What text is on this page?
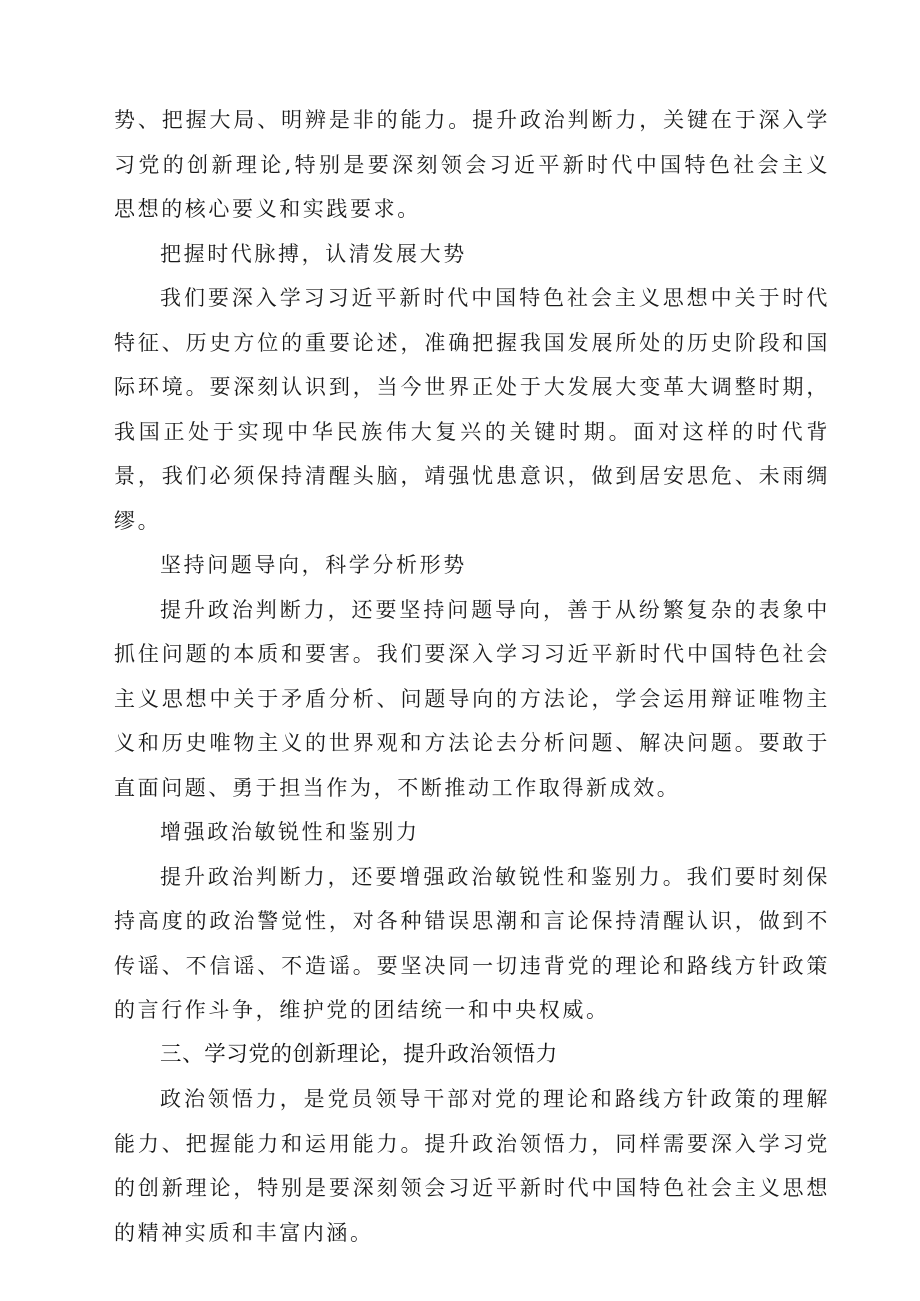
势、把握大局、明辨是非的能力。提升政治判断力，关键在于深入学习党的创新理论,特别是要深刻领会习近平新时代中国特色社会主义思想的核心要义和实践要求。

把握时代脉搏，认清发展大势

我们要深入学习习近平新时代中国特色社会主义思想中关于时代特征、历史方位的重要论述，准确把握我国发展所处的历史阶段和国际环境。要深刻认识到，当今世界正处于大发展大变革大调整时期，我国正处于实现中华民族伟大复兴的关键时期。面对这样的时代背景，我们必须保持清醒头脑，靖强忧患意识，做到居安思危、未雨绸缪。

坚持问题导向，科学分析形势

提升政治判断力，还要坚持问题导向，善于从纷繁复杂的表象中抓住问题的本质和要害。我们要深入学习习近平新时代中国特色社会主义思想中关于矛盾分析、问题导向的方法论，学会运用辩证唯物主义和历史唯物主义的世界观和方法论去分析问题、解决问题。要敢于直面问题、勇于担当作为，不断推动工作取得新成效。

增强政治敏锐性和鉴别力

提升政治判断力，还要增强政治敏锐性和鉴别力。我们要时刻保持高度的政治警觉性，对各种错误思潮和言论保持清醒认识，做到不传谣、不信谣、不造谣。要坚决同一切违背党的理论和路线方针政策的言行作斗争，维护党的团结统一和中央权威。

三、学习党的创新理论，提升政治领悟力

政治领悟力，是党员领导干部对党的理论和路线方针政策的理解能力、把握能力和运用能力。提升政治领悟力，同样需要深入学习党的创新理论，特别是要深刻领会习近平新时代中国特色社会主义思想的精神实质和丰富内涵。
